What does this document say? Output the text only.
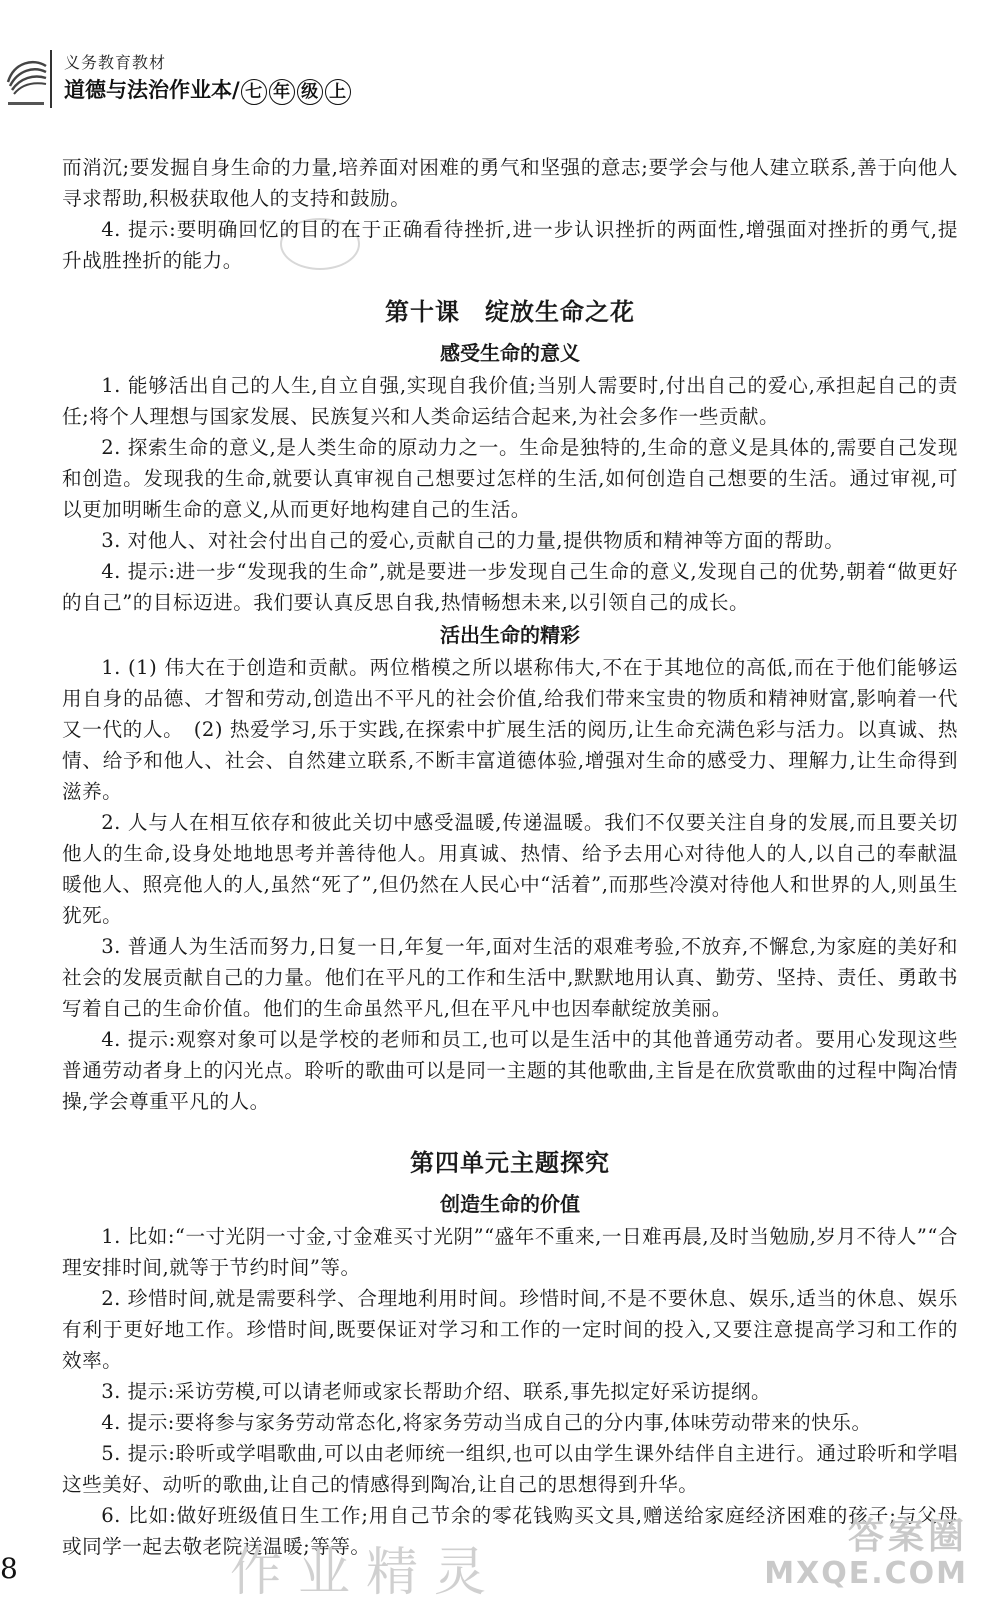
义务教育教材
道德与法治作业本/ 七 年 级 上

而消沉;要发掘自身生命的力量,培养面对困难的勇气和坚强的意志;要学会与他人建立联系,善于向他人寻求帮助,积极获取他人的支持和鼓励。

4. 提示:要明确回忆的目的在于正确看待挫折,进一步认识挫折的两面性,增强面对挫折的勇气,提升战胜挫折的能力。

第十课　绽放生命之花
感受生命的意义

1. 能够活出自己的人生,自立自强,实现自我价值;当别人需要时,付出自己的爱心,承担起自己的责任;将个人理想与国家发展、民族复兴和人类命运结合起来,为社会多作一些贡献。

2. 探索生命的意义,是人类生命的原动力之一。生命是独特的,生命的意义是具体的,需要自己发现和创造。发现我的生命,就要认真审视自己想要过怎样的生活,如何创造自己想要的生活。通过审视,可以更加明晰生命的意义,从而更好地构建自己的生活。

3. 对他人、对社会付出自己的爱心,贡献自己的力量,提供物质和精神等方面的帮助。

4. 提示:进一步“发现我的生命”,就是要进一步发现自己生命的意义,发现自己的优势,朝着“做更好的自己”的目标迈进。我们要认真反思自我,热情畅想未来,以引领自己的成长。

活出生命的精彩

1. (1) 伟大在于创造和贡献。两位楷模之所以堪称伟大,不在于其地位的高低,而在于他们能够运用自身的品德、才智和劳动,创造出不平凡的社会价值,给我们带来宝贵的物质和精神财富,影响着一代又一代的人。　(2) 热爱学习,乐于实践,在探索中扩展生活的阅历,让生命充满色彩与活力。以真诚、热情、给予和他人、社会、自然建立联系,不断丰富道德体验,增强对生命的感受力、理解力,让生命得到滋养。

2. 人与人在相互依存和彼此关切中感受温暖,传递温暖。我们不仅要关注自身的发展,而且要关切他人的生命,设身处地地思考并善待他人。用真诚、热情、给予去用心对待他人的人,以自己的奉献温暖他人、照亮他人的人,虽然“死了”,但仍然在人民心中“活着”,而那些冷漠对待他人和世界的人,则虽生犹死。

3. 普通人为生活而努力,日复一日,年复一年,面对生活的艰难考验,不放弃,不懈怠,为家庭的美好和社会的发展贡献自己的力量。他们在平凡的工作和生活中,默默地用认真、勤劳、坚持、责任、勇敢书写着自己的生命价值。他们的生命虽然平凡,但在平凡中也因奉献绽放美丽。

4. 提示:观察对象可以是学校的老师和员工,也可以是生活中的其他普通劳动者。要用心发现这些普通劳动者身上的闪光点。聆听的歌曲可以是同一主题的其他歌曲,主旨是在欣赏歌曲的过程中陶冶情操,学会尊重平凡的人。

第四单元主题探究
创造生命的价值

1. 比如:“一寸光阴一寸金,寸金难买寸光阴”“盛年不重来,一日难再晨,及时当勉励,岁月不待人”“合理安排时间,就等于节约时间”等。

2. 珍惜时间,就是需要科学、合理地利用时间。珍惜时间,不是不要休息、娱乐,适当的休息、娱乐有利于更好地工作。珍惜时间,既要保证对学习和工作的一定时间的投入,又要注意提高学习和工作的效率。

3. 提示:采访劳模,可以请老师或家长帮助介绍、联系,事先拟定好采访提纲。

4. 提示:要将参与家务劳动常态化,将家务劳动当成自己的分内事,体味劳动带来的快乐。

5. 提示:聆听或学唱歌曲,可以由老师统一组织,也可以由学生课外结伴自主进行。通过聆听和学唱这些美好、动听的歌曲,让自己的情感得到陶冶,让自己的思想得到升华。

6. 比如:做好班级值日生工作;用自己节余的零花钱购买文具,赠送给家庭经济困难的孩子;与父母或同学一起去敬老院送温暖;等等。

作业精灵
8
答案圈
MXQE.COM
